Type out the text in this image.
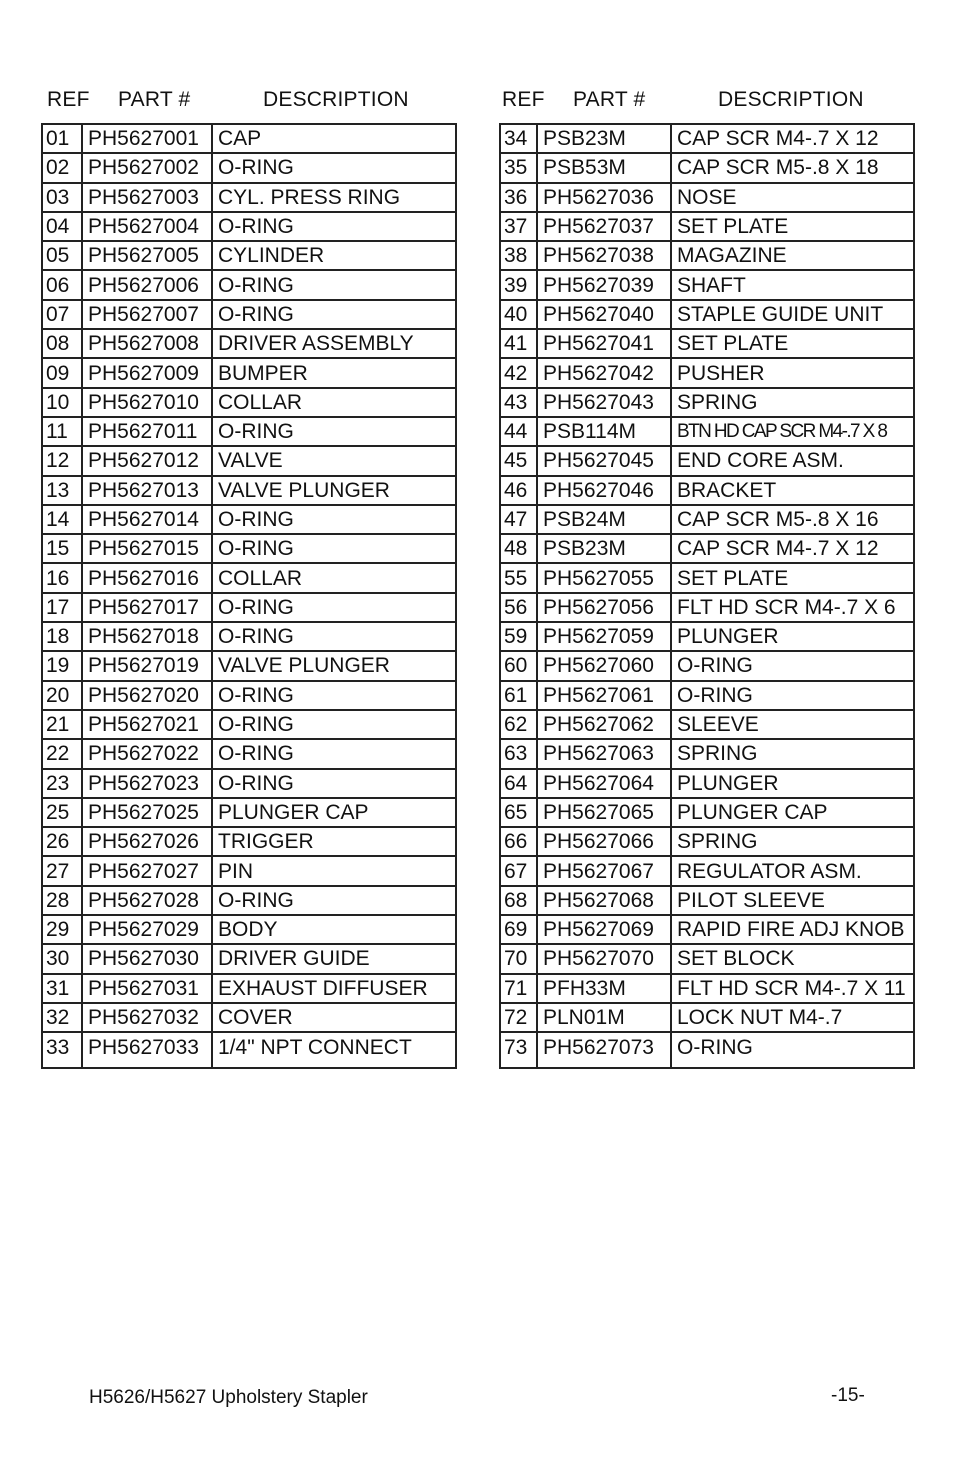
REF PART #	DESCRIPTION	REF PART #	DESCRIPTION
01	PH5627001	CAP
02	PH5627002	O-RING
03	PH5627003	CYL. PRESS RING
04	PH5627004	O-RING
05	PH5627005	CYLINDER
06	PH5627006	O-RING
07	PH5627007	O-RING
08	PH5627008	DRIVER ASSEMBLY
09	PH5627009	BUMPER
10	PH5627010	COLLAR
11	PH5627011	O-RING
12	PH5627012	VALVE
13	PH5627013	VALVE PLUNGER
14	PH5627014	O-RING
15	PH5627015	O-RING
16	PH5627016	COLLAR
17	PH5627017	O-RING
18	PH5627018	O-RING
19	PH5627019	VALVE PLUNGER
20	PH5627020	O-RING
21	PH5627021	O-RING
22	PH5627022	O-RING
23	PH5627023	O-RING
25	PH5627025	PLUNGER CAP
26	PH5627026	TRIGGER
27	PH5627027	PIN
28	PH5627028	O-RING
29	PH5627029	BODY
30	PH5627030	DRIVER GUIDE
31	PH5627031	EXHAUST DIFFUSER
32	PH5627032	COVER
33	PH5627033	1/4" NPT CONNECT
34	PSB23M	CAP SCR M4-.7 X 12
35	PSB53M	CAP SCR M5-.8 X 18
36	PH5627036	NOSE
37	PH5627037	SET PLATE
38	PH5627038	MAGAZINE
39	PH5627039	SHAFT
40	PH5627040	STAPLE GUIDE UNIT
41	PH5627041	SET PLATE
42	PH5627042	PUSHER
43	PH5627043	SPRING
44	PSB114M	BTN HD CAP SCR M4-.7 X 8
45	PH5627045	END CORE ASM.
46	PH5627046	BRACKET
47	PSB24M	CAP SCR M5-.8 X 16
48	PSB23M	CAP SCR M4-.7 X 12
55	PH5627055	SET PLATE
56	PH5627056	FLT HD SCR M4-.7 X 6
59	PH5627059	PLUNGER
60	PH5627060	O-RING
61	PH5627061	O-RING
62	PH5627062	SLEEVE
63	PH5627063	SPRING
64	PH5627064	PLUNGER
65	PH5627065	PLUNGER CAP
66	PH5627066	SPRING
67	PH5627067	REGULATOR ASM.
68	PH5627068	PILOT SLEEVE
69	PH5627069	RAPID FIRE ADJ KNOB
70	PH5627070	SET BLOCK
71	PFH33M	FLT HD SCR M4-.7 X 11
72	PLN01M	LOCK NUT M4-.7
73	PH5627073	O-RING
H5626/H5627 Upholstery Stapler	-15-
